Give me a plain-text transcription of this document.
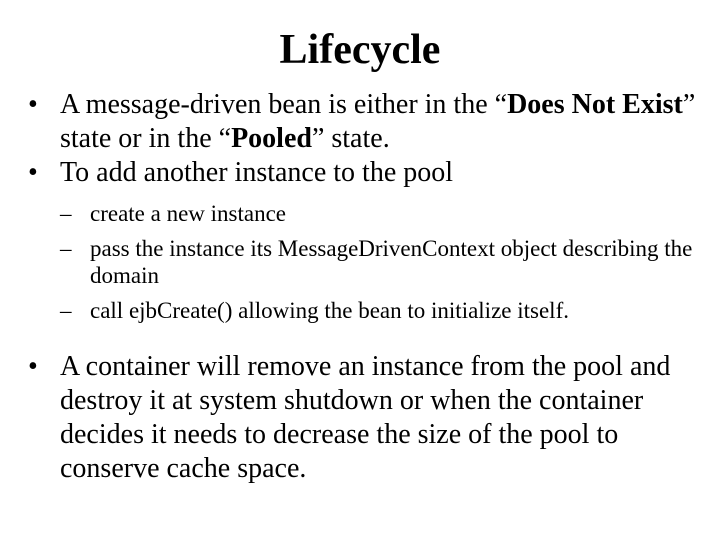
Lifecycle
• A message-driven bean is either in the “Does Not Exist” state or in the “Pooled” state.
• To add another instance to the pool
– create a new instance
– pass the instance its MessageDrivenContext object describing the domain
– call ejbCreate() allowing the bean to initialize itself.
• A container will remove an instance from the pool and destroy it at system shutdown or when the container decides it needs to decrease the size of the pool to conserve cache space.
